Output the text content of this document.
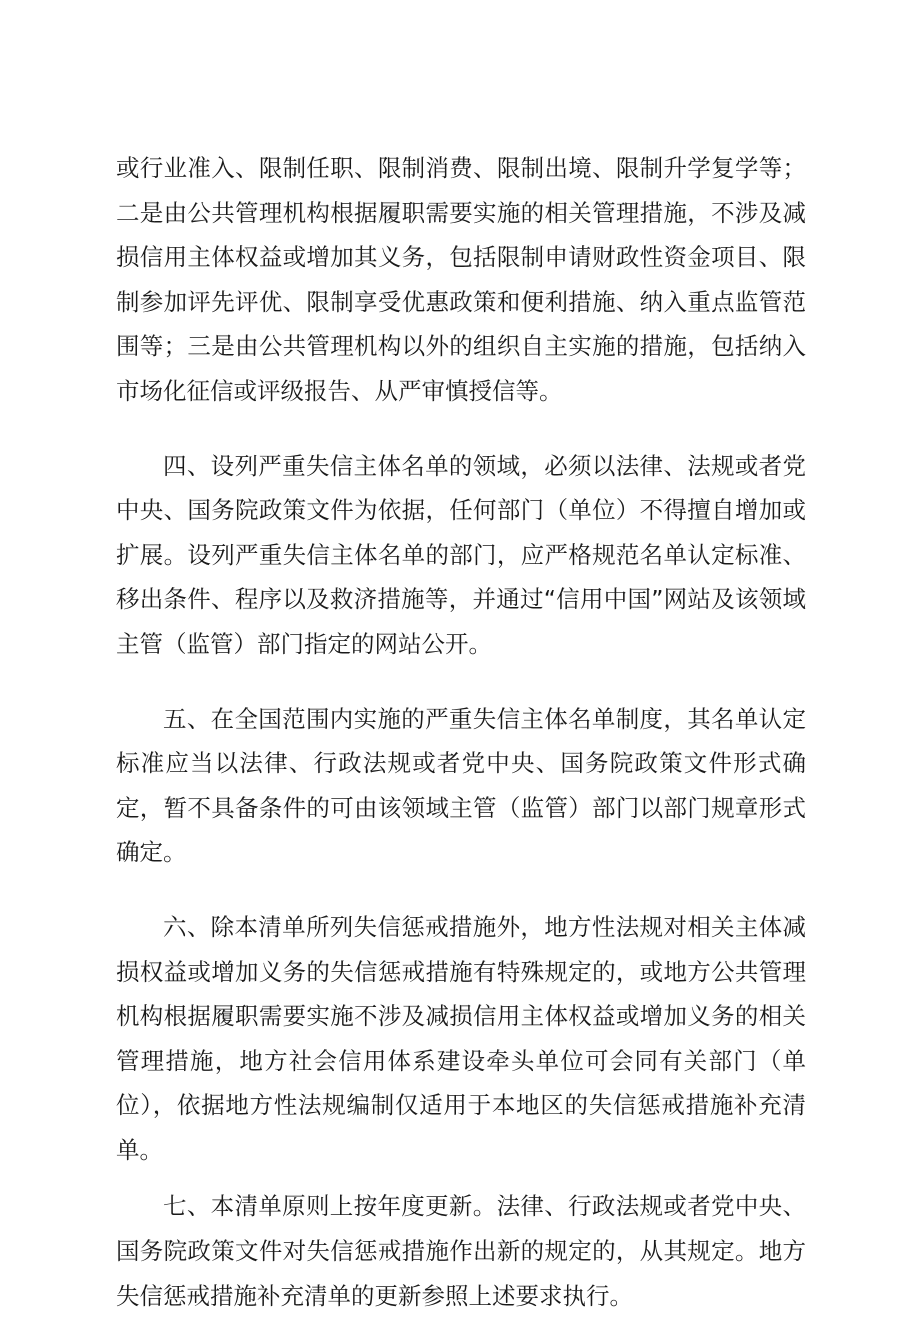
或行业准入、限制任职、限制消费、限制出境、限制升学复学等；二是由公共管理机构根据履职需要实施的相关管理措施，不涉及减损信用主体权益或增加其义务，包括限制申请财政性资金项目、限制参加评先评优、限制享受优惠政策和便利措施、纳入重点监管范围等；三是由公共管理机构以外的组织自主实施的措施，包括纳入市场化征信或评级报告、从严审慎授信等。

四、设列严重失信主体名单的领域，必须以法律、法规或者党中央、国务院政策文件为依据，任何部门（单位）不得擅自增加或扩展。设列严重失信主体名单的部门，应严格规范名单认定标准、移出条件、程序以及救济措施等，并通过“信用中国”网站及该领域主管（监管）部门指定的网站公开。

五、在全国范围内实施的严重失信主体名单制度，其名单认定标准应当以法律、行政法规或者党中央、国务院政策文件形式确定，暂不具备条件的可由该领域主管（监管）部门以部门规章形式确定。

六、除本清单所列失信惩戒措施外，地方性法规对相关主体减损权益或增加义务的失信惩戒措施有特殊规定的，或地方公共管理机构根据履职需要实施不涉及减损信用主体权益或增加义务的相关管理措施，地方社会信用体系建设牵头单位可会同有关部门（单位），依据地方性法规编制仅适用于本地区的失信惩戒措施补充清单。

七、本清单原则上按年度更新。法律、行政法规或者党中央、国务院政策文件对失信惩戒措施作出新的规定的，从其规定。地方失信惩戒措施补充清单的更新参照上述要求执行。
